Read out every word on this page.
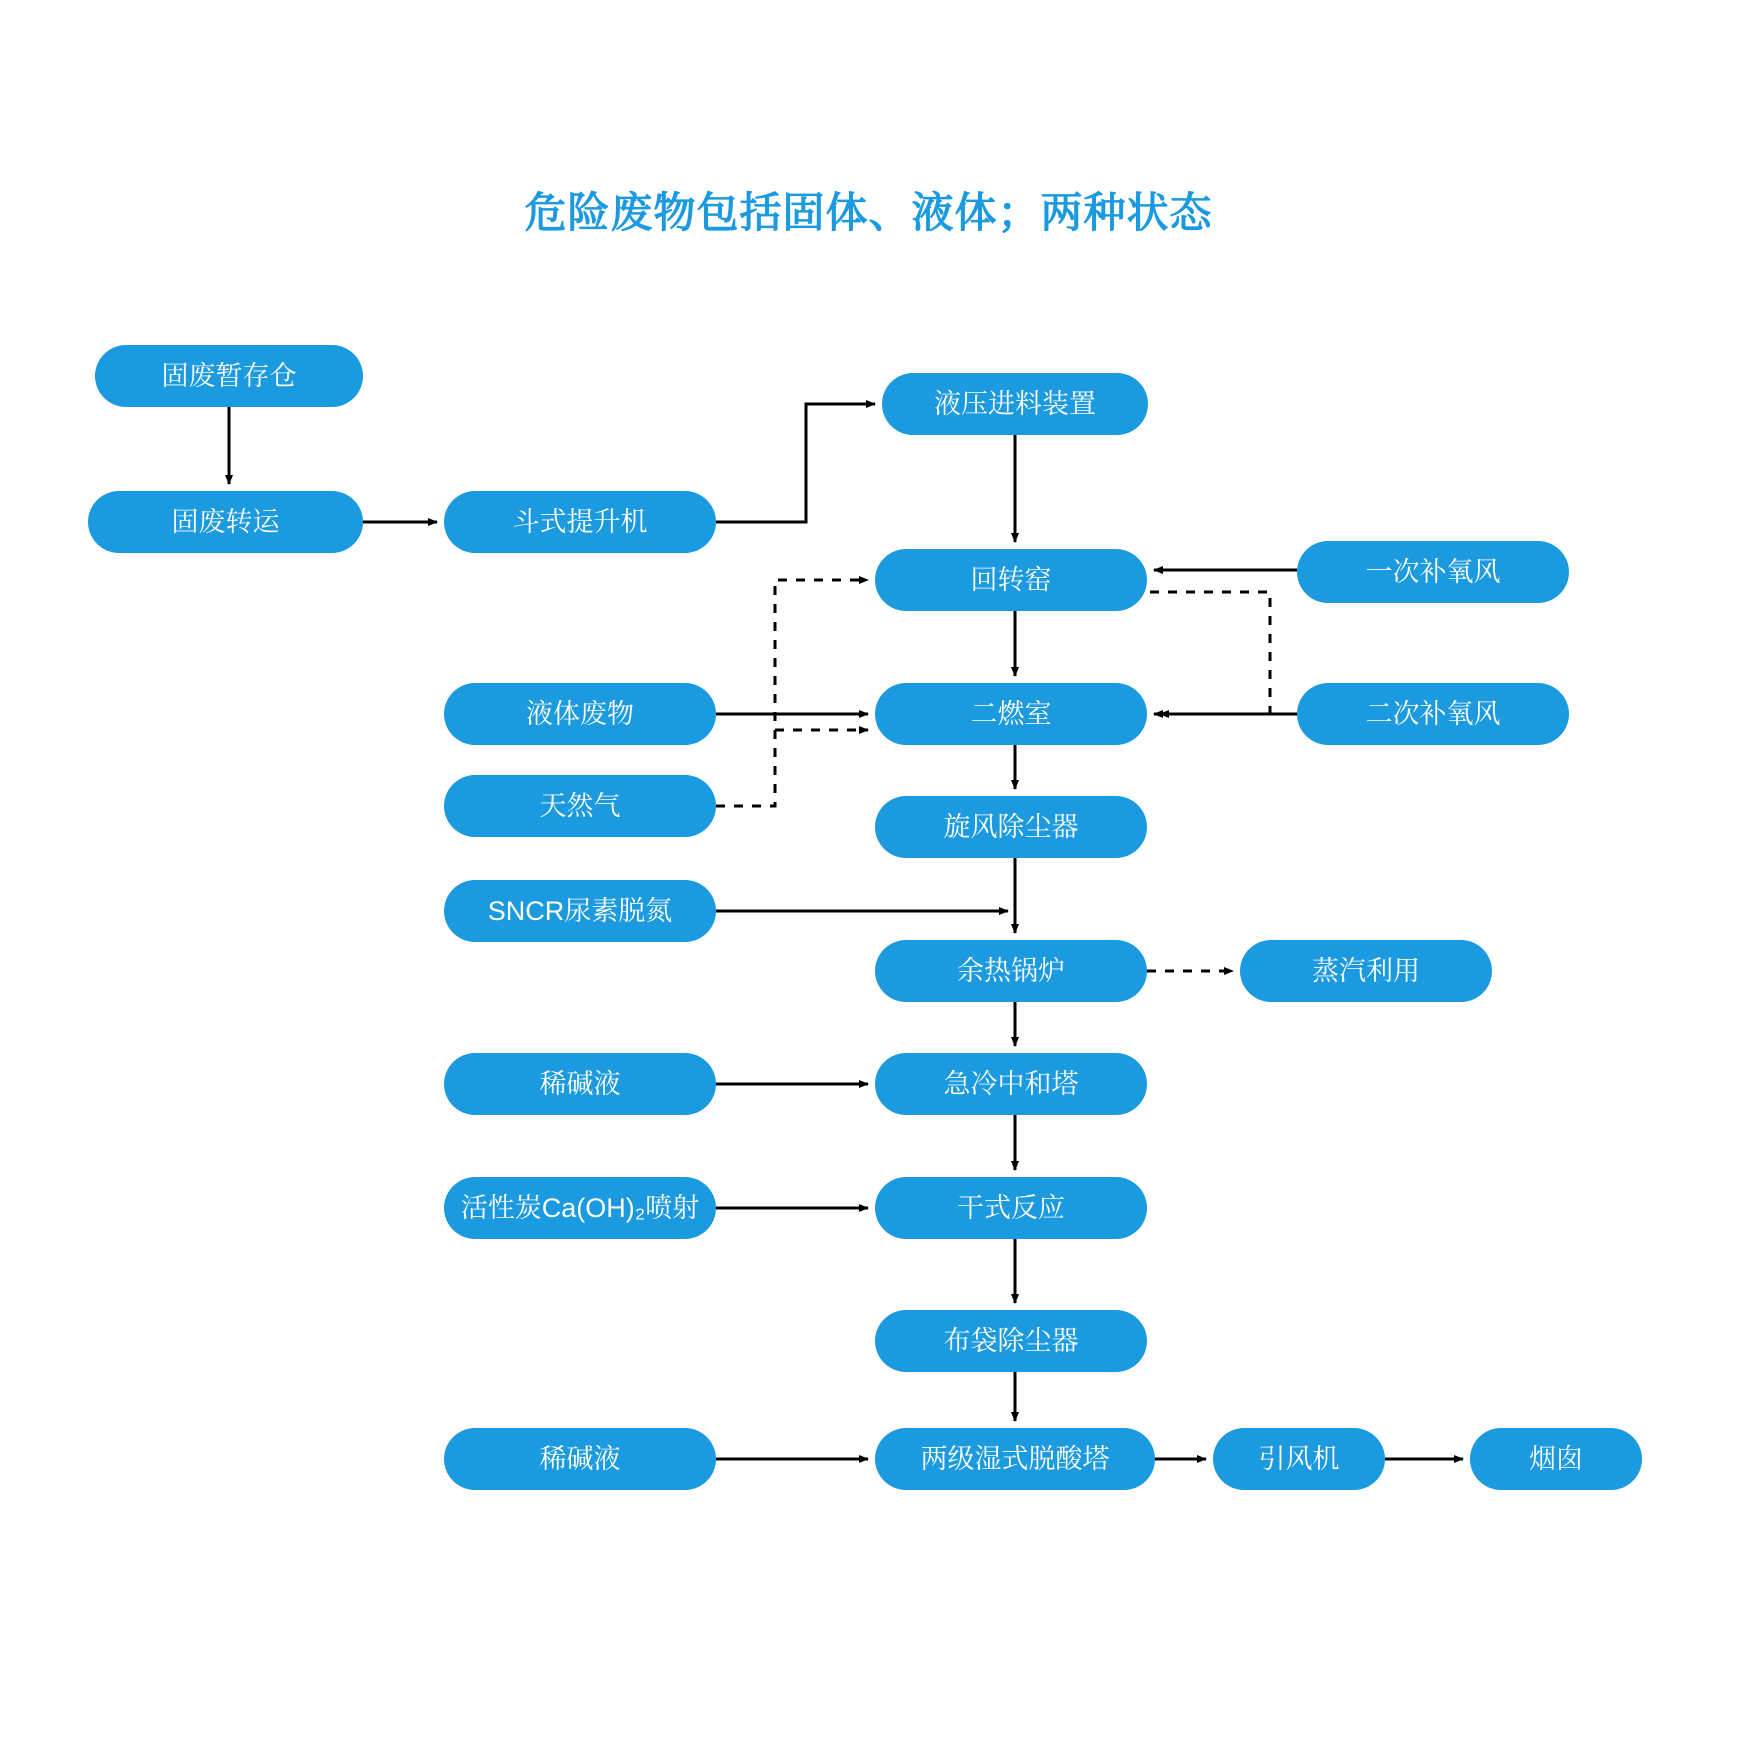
危险废物包括固体、液体；两种状态
固废暂存仓
固废转运	斗式提升机
液压进料装置
回转窑	一次补氧风
液体废物	二燃室	二次补氧风
天然气
旋风除尘器
SNCR尿素脱氮
余热锅炉	蒸汽利用
稀碱液	急冷中和塔
活性炭Ca(OH)₂喷射	干式反应
布袋除尘器
稀碱液	两级湿式脱酸塔	引风机	烟囱
